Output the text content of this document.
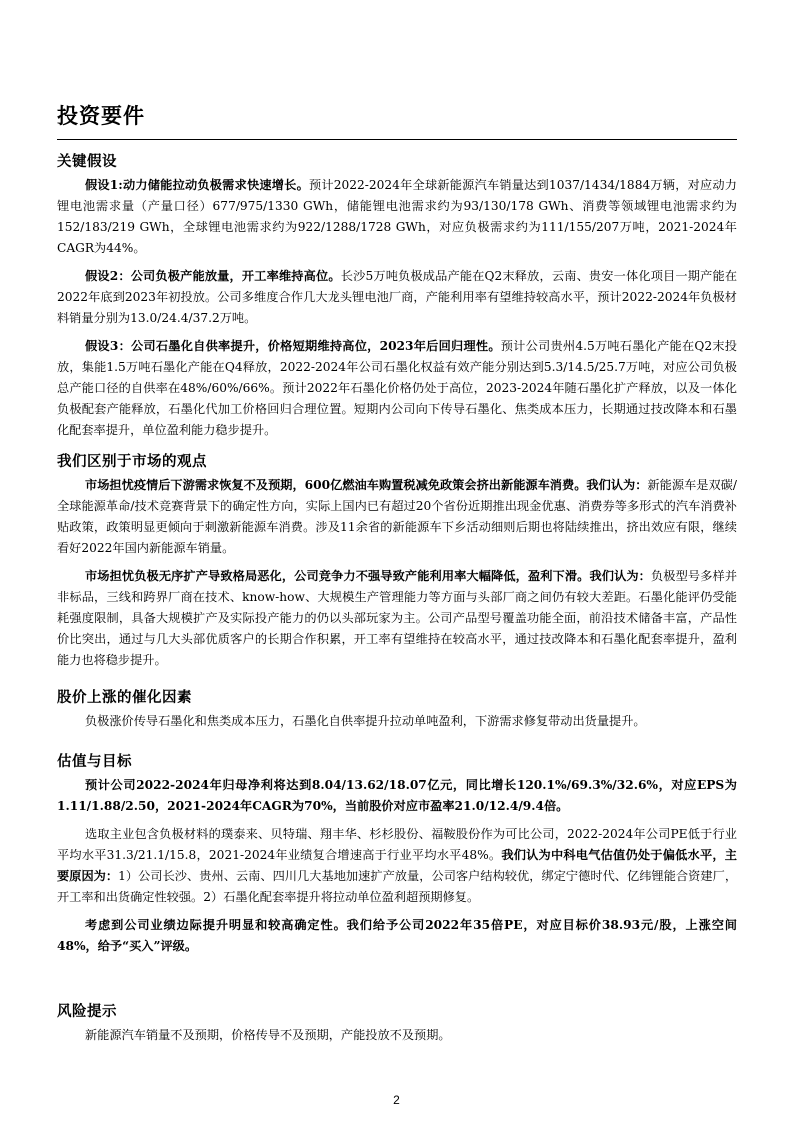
投资要件
关键假设

假设1:动力储能拉动负极需求快速增长。预计2022-2024年全球新能源汽车销量达到1037/1434/1884万辆，对应动力锂电池需求量（产量口径）677/975/1330 GWh，储能锂电池需求约为93/130/178 GWh、消费等领域锂电池需求约为152/183/219 GWh，全球锂电池需求约为922/1288/1728 GWh，对应负极需求约为111/155/207万吨，2021-2024年CAGR为44%。

假设2：公司负极产能放量，开工率维持高位。长沙5万吨负极成品产能在Q2末释放，云南、贵安一体化项目一期产能在2022年底到2023年初投放。公司多维度合作几大龙头锂电池厂商，产能利用率有望维持较高水平，预计2022-2024年负极材料销量分别为13.0/24.4/37.2万吨。

假设3：公司石墨化自供率提升，价格短期维持高位，2023年后回归理性。预计公司贵州4.5万吨石墨化产能在Q2末投放，集能1.5万吨石墨化产能在Q4释放，2022-2024年公司石墨化权益有效产能分别达到5.3/14.5/25.7万吨，对应公司负极总产能口径的自供率在48%/60%/66%。预计2022年石墨化价格仍处于高位，2023-2024年随石墨化扩产释放，以及一体化负极配套产能释放，石墨化代加工价格回归合理位置。短期内公司向下传导石墨化、焦类成本压力，长期通过技改降本和石墨化配套率提升，单位盈利能力稳步提升。

我们区别于市场的观点

市场担忧疫情后下游需求恢复不及预期，600亿燃油车购置税减免政策会挤出新能源车消费。我们认为：新能源车是双碳/全球能源革命/技术竞赛背景下的确定性方向，实际上国内已有超过20个省份近期推出现金优惠、消费券等多形式的汽车消费补贴政策，政策明显更倾向于刺激新能源车消费。涉及11余省的新能源车下乡活动细则后期也将陆续推出，挤出效应有限，继续看好2022年国内新能源车销量。

市场担忧负极无序扩产导致格局恶化，公司竞争力不强导致产能利用率大幅降低，盈利下滑。我们认为：负极型号多样并非标品，三线和跨界厂商在技术、know-how、大规模生产管理能力等方面与头部厂商之间仍有较大差距。石墨化能评仍受能耗强度限制，具备大规模扩产及实际投产能力的仍以头部玩家为主。公司产品型号覆盖功能全面，前沿技术储备丰富，产品性价比突出，通过与几大头部优质客户的长期合作积累，开工率有望维持在较高水平，通过技改降本和石墨化配套率提升，盈利能力也将稳步提升。

股价上涨的催化因素

负极涨价传导石墨化和焦类成本压力，石墨化自供率提升拉动单吨盈利，下游需求修复带动出货量提升。

估值与目标

预计公司2022-2024年归母净利将达到8.04/13.62/18.07亿元，同比增长120.1%/69.3%/32.6%，对应EPS为1.11/1.88/2.50，2021-2024年CAGR为70%，当前股价对应市盈率21.0/12.4/9.4倍。

选取主业包含负极材料的璞泰来、贝特瑞、翔丰华、杉杉股份、福鞍股份作为可比公司，2022-2024年公司PE低于行业平均水平31.3/21.1/15.8，2021-2024年业绩复合增速高于行业平均水平48%。我们认为中科电气估值仍处于偏低水平，主要原因为：1）公司长沙、贵州、云南、四川几大基地加速扩产放量，公司客户结构较优，绑定宁德时代、亿纬锂能合资建厂，开工率和出货确定性较强。2）石墨化配套率提升将拉动单位盈利超预期修复。

考虑到公司业绩边际提升明显和较高确定性。我们给予公司2022年35倍PE，对应目标价38.93元/股，上涨空间48%，给予“买入”评级。

风险提示

新能源汽车销量不及预期，价格传导不及预期，产能投放不及预期。

2
